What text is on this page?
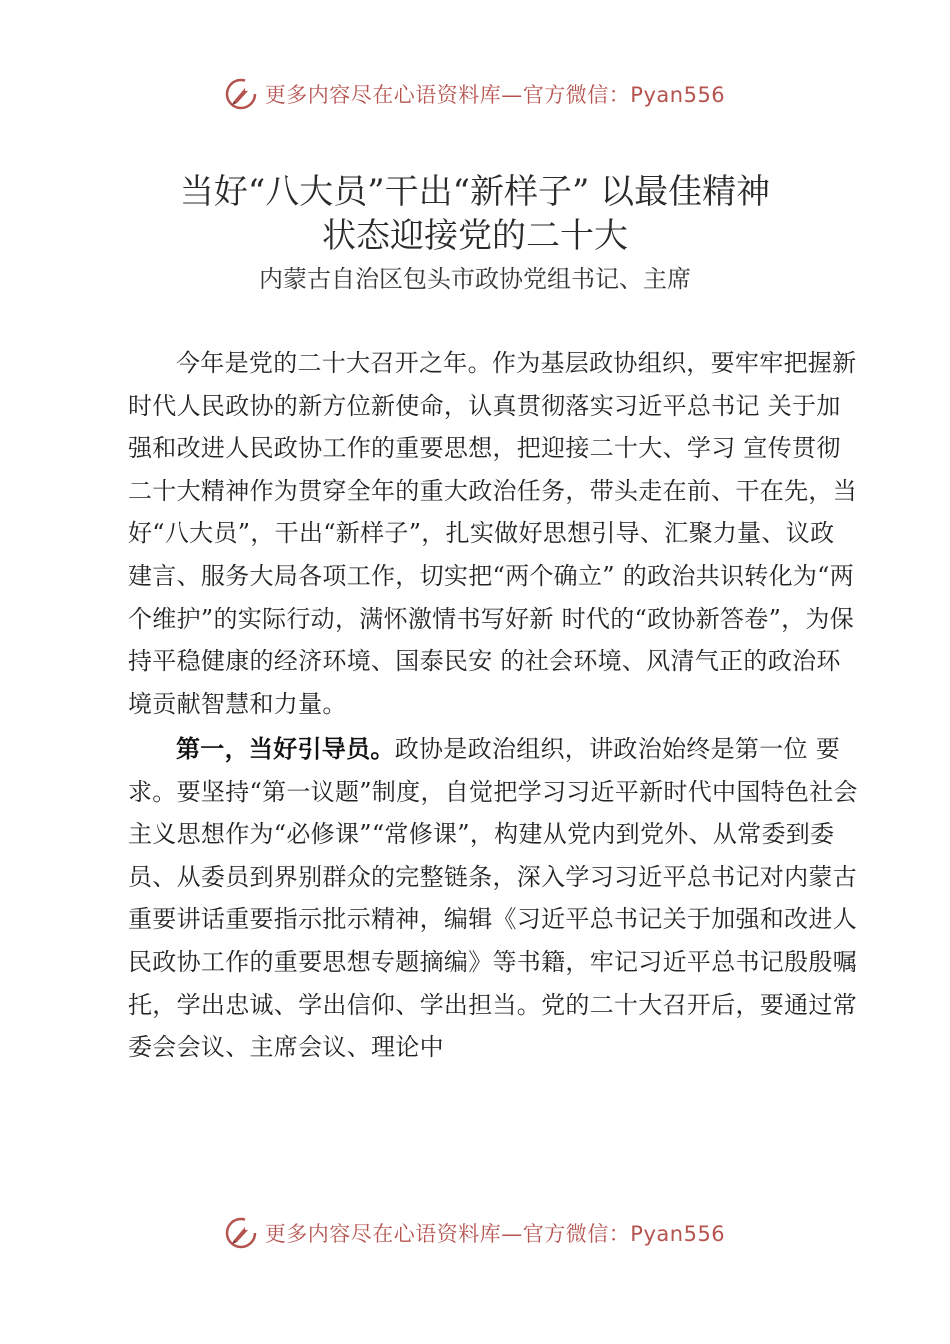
更多内容尽在心语资料库—官方微信：Pyan556
当好“八大员”干出“新样子” 以最佳精神
状态迎接党的二十大
内蒙古自治区包头市政协党组书记、主席

今年是党的二十大召开之年。作为基层政协组织，要牢牢把握新时代人民政协的新方位新使命，认真贯彻落实习近平总书记 关于加强和改进人民政协工作的重要思想，把迎接二十大、学习 宣传贯彻二十大精神作为贯穿全年的重大政治任务，带头走在前、干在先，当好“八大员”，干出“新样子”，扎实做好思想引导、汇聚力量、议政建言、服务大局各项工作，切实把“两个确立” 的政治共识转化为“两个维护”的实际行动，满怀激情书写好新 时代的“政协新答卷”，为保持平稳健康的经济环境、国泰民安 的社会环境、风清气正的政治环境贡献智慧和力量。

第一，当好引导员。政协是政治组织，讲政治始终是第一位 要求。要坚持“第一议题”制度，自觉把学习习近平新时代中国特色社会主义思想作为“必修课”“常修课”，构建从党内到党外、从常委到委员、从委员到界别群众的完整链条，深入学习习近平总书记对内蒙古重要讲话重要指示批示精神，编辑《习近平总书记关于加强和改进人民政协工作的重要思想专题摘编》等书籍，牢记习近平总书记殷殷嘱托，学出忠诚、学出信仰、学出担当。党的二十大召开后，要通过常委会会议、主席会议、理论中

更多内容尽在心语资料库—官方微信：Pyan556
